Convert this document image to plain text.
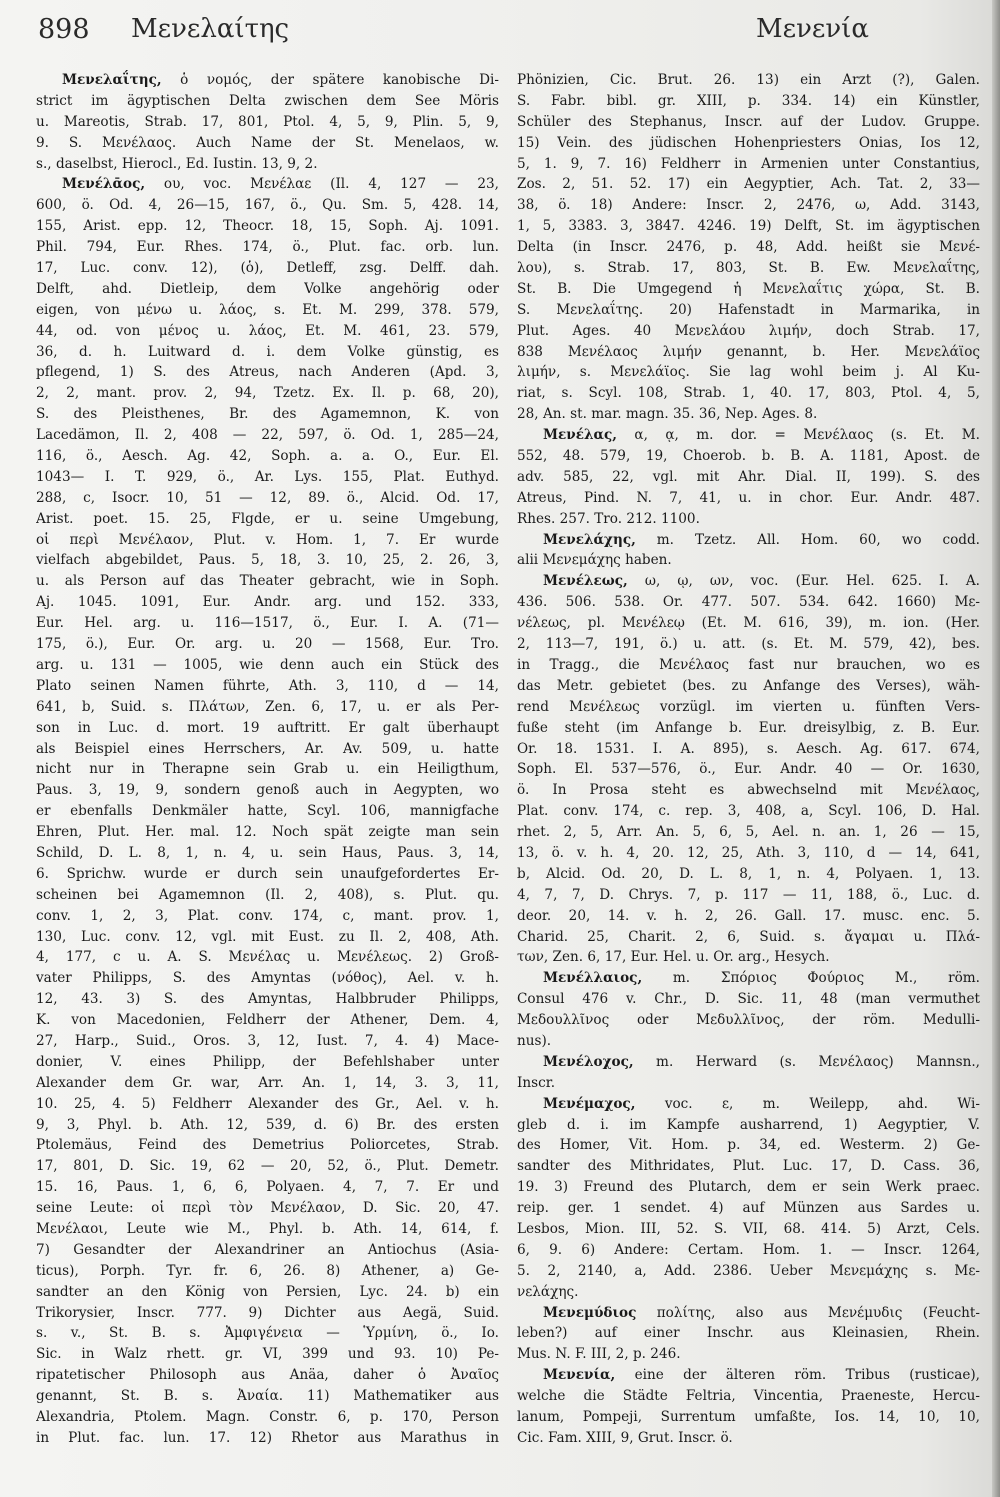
898 Μενελαίτης	Μενενία
Μενελαΐτης, ὁ νομός, der spätere kanobische Di-
strict im ägyptischen Delta zwischen dem See Möris
u. Mareotis, Strab. 17, 801, Ptol. 4, 5, 9, Plin. 5, 9,
9. S. Μενέλαος. Auch Name der St. Menelaos, w.
s., daselbst, Hierocl., Ed. Iustin. 13, 9, 2.
Μενέλᾱος, ου, voc. Μενέλαε (Il. 4, 127 — 23,
600, ö. Od. 4, 26—15, 167, ö., Qu. Sm. 5, 428. 14,
155, Arist. epp. 12, Theocr. 18, 15, Soph. Aj. 1091.
Phil. 794, Eur. Rhes. 174, ö., Plut. fac. orb. lun.
17, Luc. conv. 12), (ὁ), Detleff, zsg. Delff. dah.
Delft, ahd. Dietleip, dem Volke angehörig oder
eigen, von μένω u. λάος, s. Et. M. 299, 378. 579,
44, od. von μένος u. λάος, Et. M. 461, 23. 579,
36, d. h. Luitward d. i. dem Volke günstig, es
pflegend, 1) S. des Atreus, nach Anderen (Apd. 3,
2, 2, mant. prov. 2, 94, Tzetz. Ex. Il. p. 68, 20),
S. des Pleisthenes, Br. des Agamemnon, K. von
Lacedämon, Il. 2, 408 — 22, 597, ö. Od. 1, 285—24,
116, ö., Aesch. Ag. 42, Soph. a. a. O., Eur. El.
1043— I. T. 929, ö., Ar. Lys. 155, Plat. Euthyd.
288, c, Isocr. 10, 51 — 12, 89. ö., Alcid. Od. 17,
Arist. poet. 15. 25, Flgde, er u. seine Umgebung,
οἱ περὶ Μενέλαον, Plut. v. Hom. 1, 7. Er wurde
vielfach abgebildet, Paus. 5, 18, 3. 10, 25, 2. 26, 3,
u. als Person auf das Theater gebracht, wie in Soph.
Aj. 1045. 1091, Eur. Andr. arg. und 152. 333,
Eur. Hel. arg. u. 116—1517, ö., Eur. I. A. (71—
175, ö.), Eur. Or. arg. u. 20 — 1568, Eur. Tro.
arg. u. 131 — 1005, wie denn auch ein Stück des
Plato seinen Namen führte, Ath. 3, 110, d — 14,
641, b, Suid. s. Πλάτων, Zen. 6, 17, u. er als Per-
son in Luc. d. mort. 19 auftritt. Er galt überhaupt
als Beispiel eines Herrschers, Ar. Av. 509, u. hatte
nicht nur in Therapne sein Grab u. ein Heiligthum,
Paus. 3, 19, 9, sondern genoß auch in Aegypten, wo
er ebenfalls Denkmäler hatte, Scyl. 106, mannigfache
Ehren, Plut. Her. mal. 12. Noch spät zeigte man sein
Schild, D. L. 8, 1, n. 4, u. sein Haus, Paus. 3, 14,
6. Sprichw. wurde er durch sein unaufgefordertes Er-
scheinen bei Agamemnon (Il. 2, 408), s. Plut. qu.
conv. 1, 2, 3, Plat. conv. 174, c, mant. prov. 1,
130, Luc. conv. 12, vgl. mit Eust. zu Il. 2, 408, Ath.
4, 177, c u. A. S. Μενέλας u. Μενέλεως. 2) Groß-
vater Philipps, S. des Amyntas (νόθος), Ael. v. h.
12, 43. 3) S. des Amyntas, Halbbruder Philipps,
K. von Macedonien, Feldherr der Athener, Dem. 4,
27, Harp., Suid., Oros. 3, 12, Iust. 7, 4. 4) Mace-
donier, V. eines Philipp, der Befehlshaber unter
Alexander dem Gr. war, Arr. An. 1, 14, 3. 3, 11,
10. 25, 4. 5) Feldherr Alexander des Gr., Ael. v. h.
9, 3, Phyl. b. Ath. 12, 539, d. 6) Br. des ersten
Ptolemäus, Feind des Demetrius Poliorcetes, Strab.
17, 801, D. Sic. 19, 62 — 20, 52, ö., Plut. Demetr.
15. 16, Paus. 1, 6, 6, Polyaen. 4, 7, 7. Er und
seine Leute: οἱ περὶ τὸν Μενέλαον, D. Sic. 20, 47.
Μενέλαοι, Leute wie M., Phyl. b. Ath. 14, 614, f.
7) Gesandter der Alexandriner an Antiochus (Asia-
ticus), Porph. Tyr. fr. 6, 26. 8) Athener, a) Ge-
sandter an den König von Persien, Lyc. 24. b) ein
Trikorysier, Inscr. 777. 9) Dichter aus Aegä, Suid.
s. v., St. B. s. Ἀμφιγένεια — Ὑρμίνη, ö., Io.
Sic. in Walz rhett. gr. VI, 399 und 93. 10) Pe-
ripatetischer Philosoph aus Anäa, daher ὁ Ἀναῖος
genannt, St. B. s. Ἀναία. 11) Mathematiker aus
Alexandria, Ptolem. Magn. Constr. 6, p. 170, Person
in Plut. fac. lun. 17. 12) Rhetor aus Marathus in
Phönizien, Cic. Brut. 26. 13) ein Arzt (?), Galen.
S. Fabr. bibl. gr. XIII, p. 334. 14) ein Künstler,
Schüler des Stephanus, Inscr. auf der Ludov. Gruppe.
15) Vein. des jüdischen Hohenpriesters Onias, Ios 12,
5, 1. 9, 7. 16) Feldherr in Armenien unter Constantius,
Zos. 2, 51. 52. 17) ein Aegyptier, Ach. Tat. 2, 33—
38, ö. 18) Andere: Inscr. 2, 2476, ω, Add. 3143,
1, 5, 3383. 3, 3847. 4246. 19) Delft, St. im ägyptischen
Delta (in Inscr. 2476, p. 48, Add. heißt sie Μενέ-
λου), s. Strab. 17, 803, St. B. Ew. Μενελαΐτης,
St. B. Die Umgegend ἡ Μενελαΐτις χώρα, St. B.
S. Μενελαΐτης. 20) Hafenstadt in Marmarika, in
Plut. Ages. 40 Μενελάου λιμήν, doch Strab. 17,
838 Μενέλαος λιμήν genannt, b. Her. Μενελάϊος
λιμήν, s. Μενελάϊος. Sie lag wohl beim j. Al Ku-
riat, s. Scyl. 108, Strab. 1, 40. 17, 803, Ptol. 4, 5,
28, An. st. mar. magn. 35. 36, Nep. Ages. 8.
Μενέλας, α, ᾳ, m. dor. = Μενέλαος (s. Et. M.
552, 48. 579, 19, Choerob. b. B. A. 1181, Apost. de
adv. 585, 22, vgl. mit Ahr. Dial. II, 199). S. des
Atreus, Pind. N. 7, 41, u. in chor. Eur. Andr. 487.
Rhes. 257. Tro. 212. 1100.
Μενελάχης, m. Tzetz. All. Hom. 60, wo codd.
alii Μενεμάχης haben.
Μενέλεως, ω, ῳ, ων, voc. (Eur. Hel. 625. I. A.
436. 506. 538. Or. 477. 507. 534. 642. 1660) Με-
νέλεως, pl. Μενέλεῳ (Et. M. 616, 39), m. ion. (Her.
2, 113—7, 191, ö.) u. att. (s. Et. M. 579, 42), bes.
in Tragg., die Μενέλαος fast nur brauchen, wo es
das Metr. gebietet (bes. zu Anfange des Verses), wäh-
rend Μενέλεως vorzügl. im vierten u. fünften Vers-
fuße steht (im Anfange b. Eur. dreisylbig, z. B. Eur.
Or. 18. 1531. I. A. 895), s. Aesch. Ag. 617. 674,
Soph. El. 537—576, ö., Eur. Andr. 40 — Or. 1630,
ö. In Prosa steht es abwechselnd mit Μενέλαος,
Plat. conv. 174, c. rep. 3, 408, a, Scyl. 106, D. Hal.
rhet. 2, 5, Arr. An. 5, 6, 5, Ael. n. an. 1, 26 — 15,
13, ö. v. h. 4, 20. 12, 25, Ath. 3, 110, d — 14, 641,
b, Alcid. Od. 20, D. L. 8, 1, n. 4, Polyaen. 1, 13.
4, 7, 7, D. Chrys. 7, p. 117 — 11, 188, ö., Luc. d.
deor. 20, 14. v. h. 2, 26. Gall. 17. musc. enc. 5.
Charid. 25, Charit. 2, 6, Suid. s. ἄγαμαι u. Πλά-
των, Zen. 6, 17, Eur. Hel. u. Or. arg., Hesych.
Μενέλλαιος, m. Σπόριος Φούριος Μ., röm.
Consul 476 v. Chr., D. Sic. 11, 48 (man vermuthet
Μεδουλλῖνος oder Μεδυλλῖνος, der röm. Medulli-
nus).
Μενέλοχος, m. Herward (s. Μενέλαος) Mannsn.,
Inscr.
Μενέμαχος, voc. ε, m. Weilepp, ahd. Wi-
gleb d. i. im Kampfe ausharrend, 1) Aegyptier, V.
des Homer, Vit. Hom. p. 34, ed. Westerm. 2) Ge-
sandter des Mithridates, Plut. Luc. 17, D. Cass. 36,
19. 3) Freund des Plutarch, dem er sein Werk praec.
reip. ger. 1 sendet. 4) auf Münzen aus Sardes u.
Lesbos, Mion. III, 52. S. VII, 68. 414. 5) Arzt, Cels.
6, 9. 6) Andere: Certam. Hom. 1. — Inscr. 1264,
5. 2, 2140, a, Add. 2386. Ueber Μενεμάχης s. Με-
νελάχης.
Μενεμύδιος πολίτης, also aus Μενέμυδις (Feucht-
leben?) auf einer Inschr. aus Kleinasien, Rhein.
Mus. N. F. III, 2, p. 246.
Μενενία, eine der älteren röm. Tribus (rusticae),
welche die Städte Feltria, Vincentia, Praeneste, Hercu-
lanum, Pompeji, Surrentum umfaßte, Ios. 14, 10, 10,
Cic. Fam. XIII, 9, Grut. Inscr. ö.
